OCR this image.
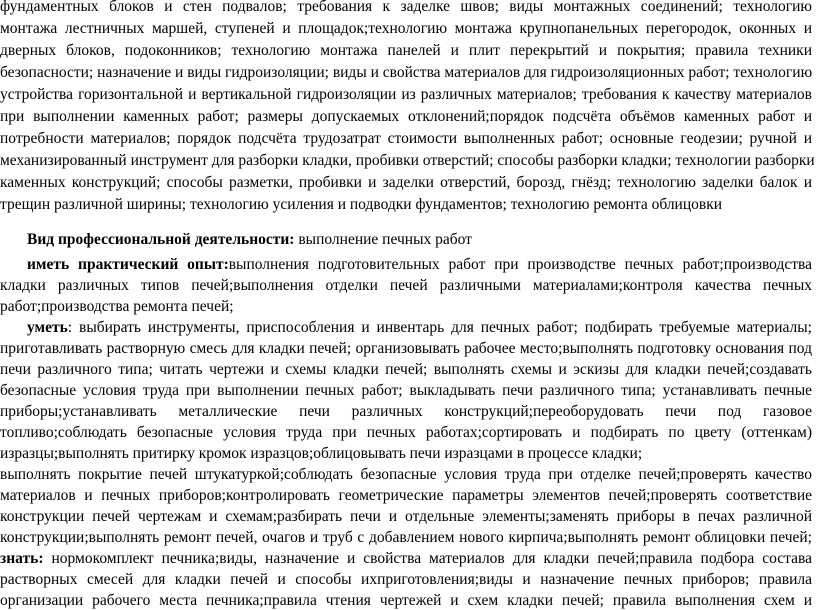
фундаментных блоков и стен подвалов; требования к заделке швов; виды монтажных соединений; технологию
монтажа лестничных маршей, ступеней и площадок;технологию монтажа крупнопанельных перегородок, оконных и
дверных блоков, подоконников; технологию монтажа панелей и плит перекрытий и покрытия; правила техники
безопасности; назначение и виды гидроизоляции; виды и свойства материалов для гидроизоляционных работ; технологию
устройства горизонтальной и вертикальной гидроизоляции из различных материалов; требования к качеству материалов
при выполнении каменных работ; размеры допускаемых отклонений;порядок подсчёта объёмов каменных работ и
потребности материалов; порядок подсчёта трудозатрат стоимости выполненных работ; основные геодезии; ручной и
механизированный инструмент для разборки кладки, пробивки отверстий; способы разборки кладки; технологии разборки
каменных конструкций; способы разметки, пробивки и заделки отверстий, борозд, гнёзд; технологию заделки балок и
трещин различной ширины; технологию усиления и подводки фундаментов; технологию ремонта облицовки
Вид профессиональной деятельности: выполнение печных работ
иметь практический опыт:выполнения подготовительных работ при производстве печных работ;производства
кладки различных типов печей;выполнения отделки печей различными материалами;контроля качества печных
работ;производства ремонта печей;
уметь: выбирать инструменты, приспособления и инвентарь для печных работ; подбирать требуемые материалы;
приготавливать растворную смесь для кладки печей; организовывать рабочее место;выполнять подготовку основания под
печи различного типа; читать чертежи и схемы кладки печей; выполнять схемы и эскизы для кладки печей;создавать
безопасные условия труда при выполнении печных работ; выкладывать печи различного типа; устанавливать печные
приборы;устанавливать металлические печи различных конструкций;переоборудовать печи под газовое
топливо;соблюдать безопасные условия труда при печных работах;сортировать и подбирать по цвету (оттенкам)
изразцы;выполнять притирку кромок изразцов;облицовывать печи изразцами в процессе кладки;
выполнять покрытие печей штукатуркой;соблюдать безопасные условия труда при отделке печей;проверять качество
материалов и печных приборов;контролировать геометрические параметры элементов печей;проверять соответствие
конструкции печей чертежам и схемам;разбирать печи и отдельные элементы;заменять приборы в печах различной
конструкции;выполнять ремонт печей, очагов и труб с добавлением нового кирпича;выполнять ремонт облицовки печей;
знать: нормокомплект печника;виды, назначение и свойства материалов для кладки печей;правила подбора состава
растворных смесей для кладки печей и способы ихприготовления;виды и назначение печных приборов; правила
организации рабочего места печника;правила чтения чертежей и схем кладки печей; правила выполнения схем и
